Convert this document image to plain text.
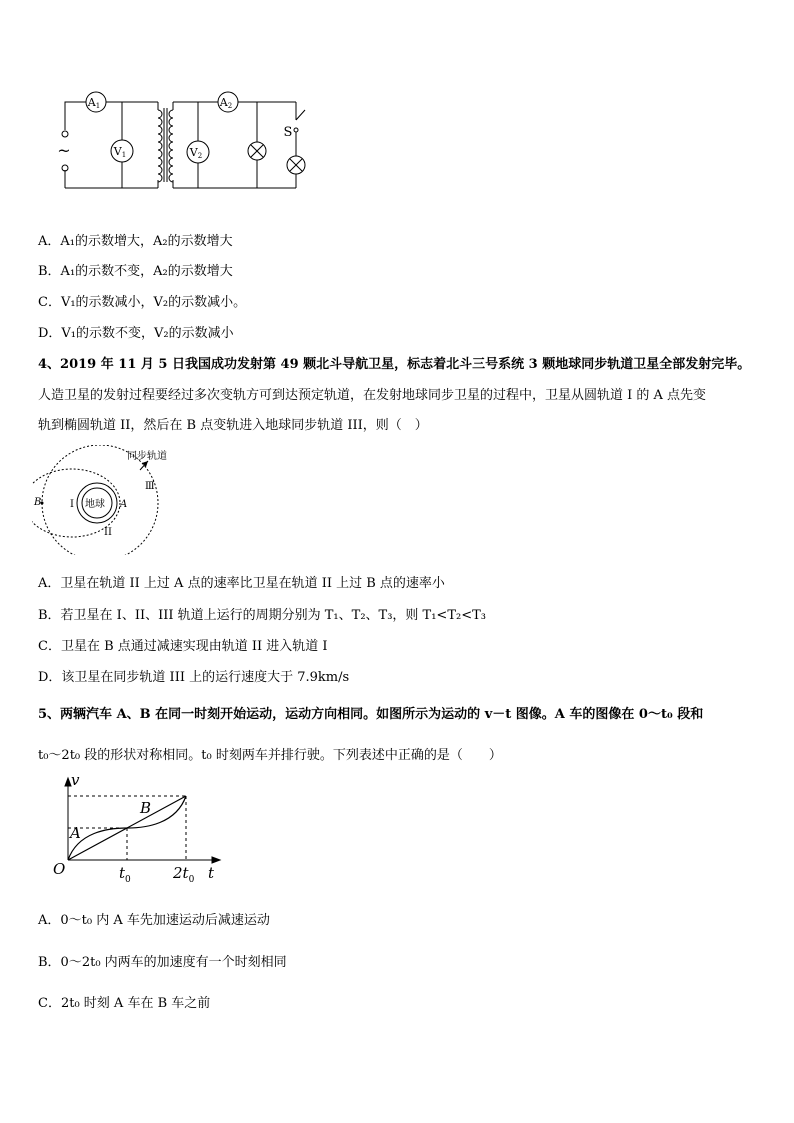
A1
V1
A2
V2
S
~
A．A₁的示数增大，A₂的示数增大
B．A₁的示数不变，A₂的示数增大
C．V₁的示数减小，V₂的示数减小。
D．V₁的示数不变，V₂的示数减小
4、2019 年 11 月 5 日我国成功发射第 49 颗北斗导航卫星，标志着北斗三号系统 3 颗地球同步轨道卫星全部发射完毕。
人造卫星的发射过程要经过多次变轨方可到达预定轨道，在发射地球同步卫星的过程中，卫星从圆轨道 I 的 A 点先变
轨到椭圆轨道 II，然后在 B 点变轨进入地球同步轨道 III，则（　）
同步轨道
Ⅲ
I
II
地球 A
B
A．卫星在轨道 II 上过 A 点的速率比卫星在轨道 II 上过 B 点的速率小
B．若卫星在 I、II、III 轨道上运行的周期分别为 T₁、T₂、T₃，则 T₁<T₂<T₃
C．卫星在 B 点通过减速实现由轨道 II 进入轨道 I
D．该卫星在同步轨道 III 上的运行速度大于 7.9km/s
5、两辆汽车 A、B 在同一时刻开始运动，运动方向相同。如图所示为运动的 v－t 图像。A 车的图像在 0～t₀ 段和
t₀～2t₀ 段的形状对称相同。t₀ 时刻两车并排行驶。下列表述中正确的是（　　）
v
t
O
A
B
$t_0$	$2t_0$
A．0～t₀ 内 A 车先加速运动后减速运动
B．0～2t₀ 内两车的加速度有一个时刻相同
C．2t₀ 时刻 A 车在 B 车之前
